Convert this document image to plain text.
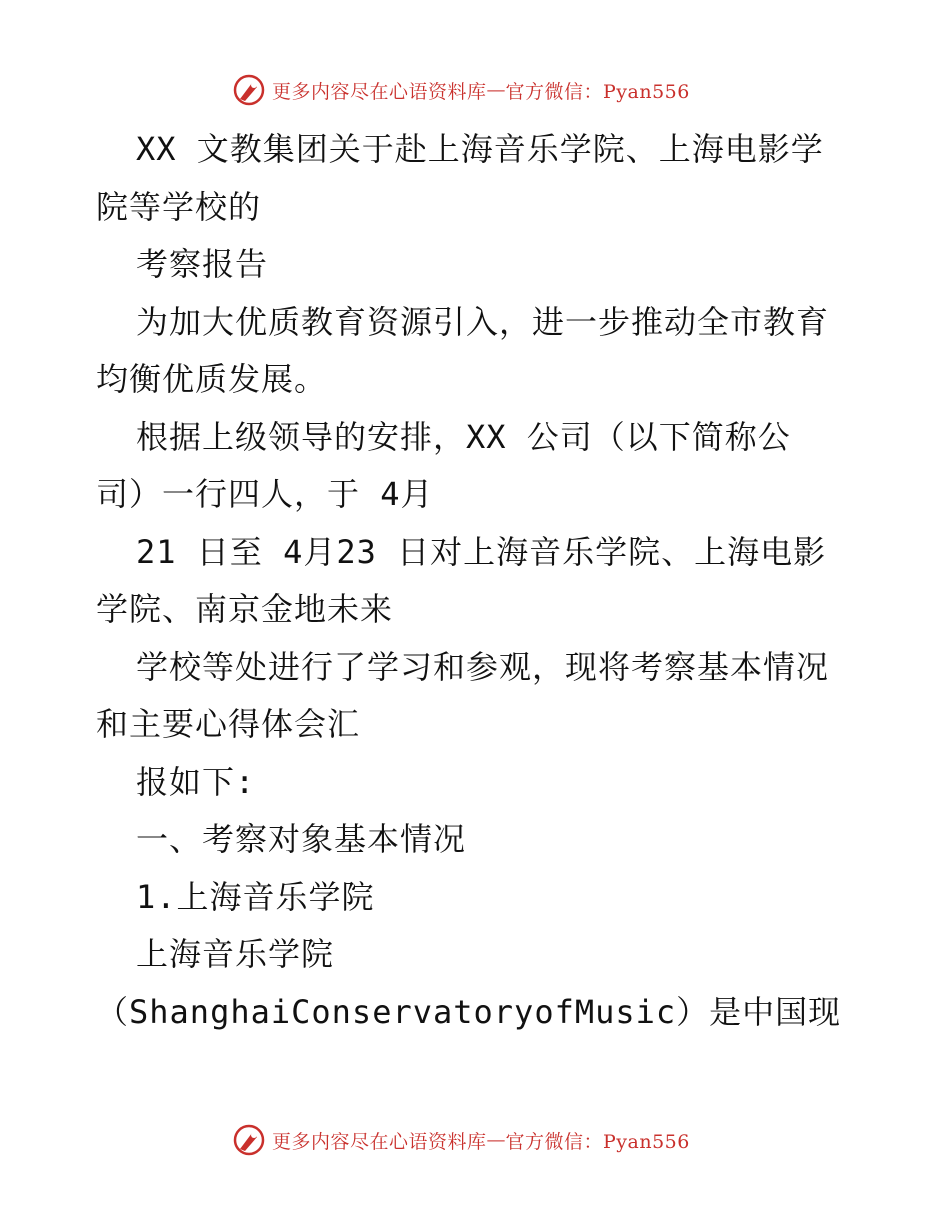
更多内容尽在心语资料库 — 官方微信：Pyan556

XX 文教集团关于赴上海音乐学院、上海电影学

院等学校的

考察报告

为加大优质教育资源引入，进一步推动全市教育

均衡优质发展。

根据上级领导的安排，XX 公司（以下简称公

司）一行四人，于 4月

21 日至 4月23 日对上海音乐学院、上海电影

学院、南京金地未来

学校等处进行了学习和参观，现将考察基本情况

和主要心得体会汇

报如下:

一、考察对象基本情况

1.上海音乐学院

上海音乐学院

（ShanghaiConservatoryofMusic）是中国现

更多内容尽在心语资料库 — 官方微信：Pyan556
